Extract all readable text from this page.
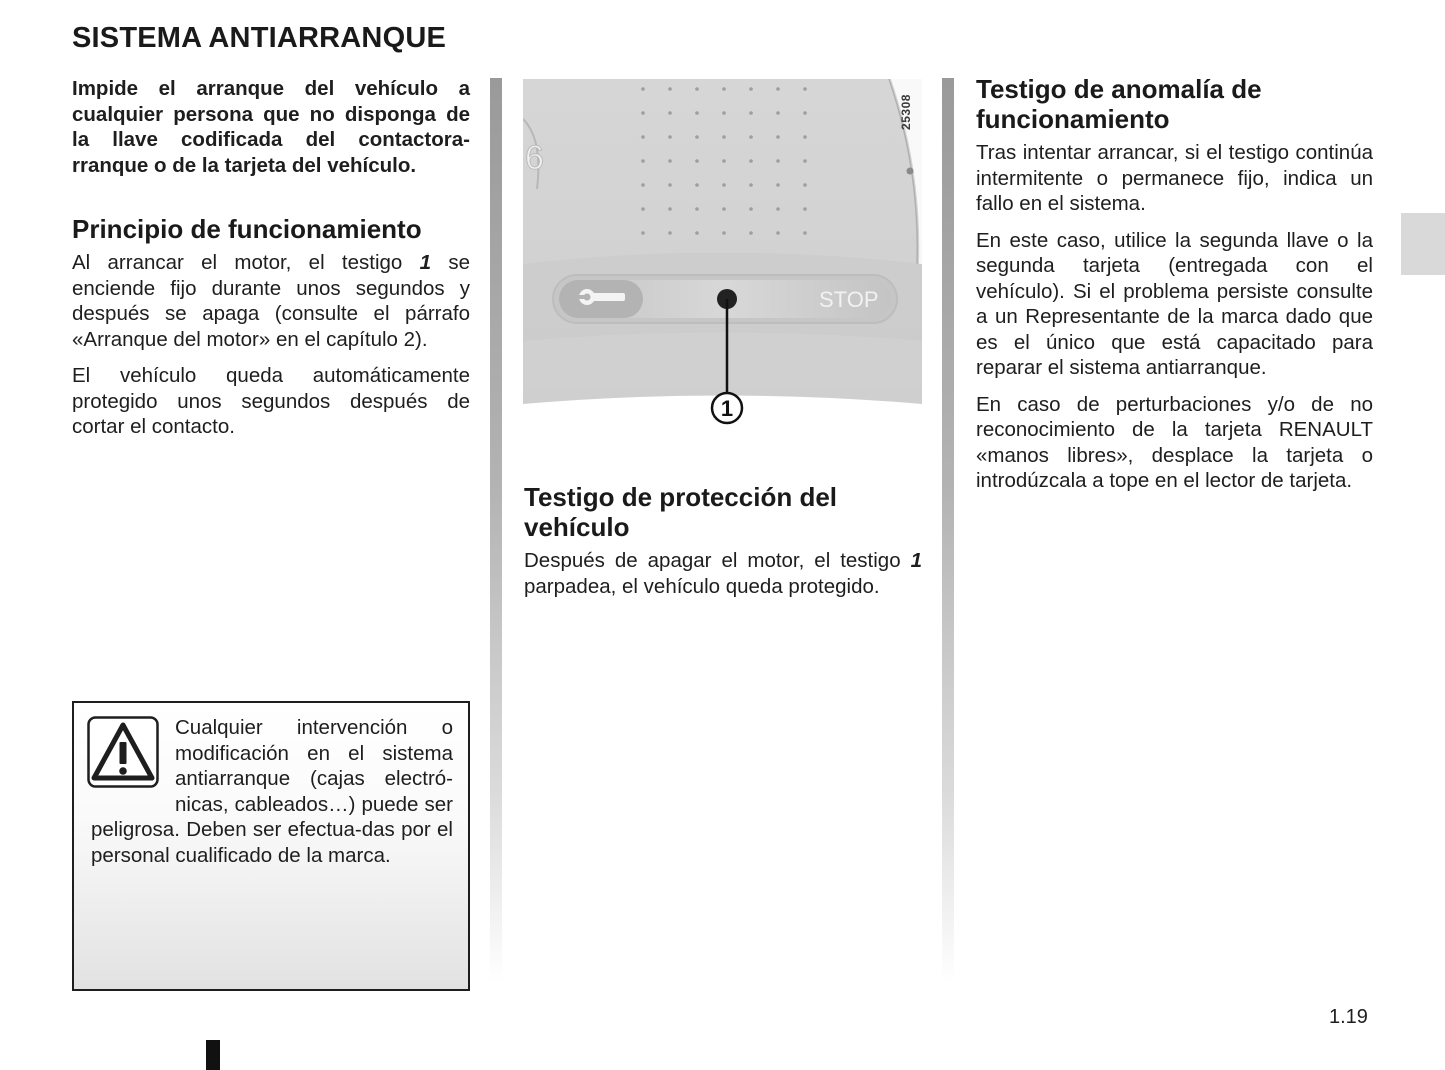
SISTEMA ANTIARRANQUE

Impide el arranque del vehículo a cualquier persona que no disponga de la llave codificada del contactora-rranque o de la tarjeta del vehículo.

Principio de funcionamiento

Al arrancar el motor, el testigo 1 se enciende fijo durante unos segundos y después se apaga (consulte el párrafo «Arranque del motor» en el capítulo 2).

El vehículo queda automáticamente protegido unos segundos después de cortar el contacto.

Cualquier intervención o modificación en el sistema antiarranque (cajas electró-nicas, cableados…) puede ser peligrosa. Deben ser efectua-das por el personal cualificado de la marca.

6
STOP
1
25308
Testigo de protección del vehículo

Después de apagar el motor, el testigo 1 parpadea, el vehículo queda protegido.

Testigo de anomalía de funcionamiento

Tras intentar arrancar, si el testigo continúa intermitente o permanece fijo, indica un fallo en el sistema.

En este caso, utilice la segunda llave o la segunda tarjeta (entregada con el vehículo). Si el problema persiste consulte a un Representante de la marca dado que es el único que está capacitado para reparar el sistema antiarranque.

En caso de perturbaciones y/o de no reconocimiento de la tarjeta RENAULT «manos libres», desplace la tarjeta o introdúzcala a tope en el lector de tarjeta.

1.19
